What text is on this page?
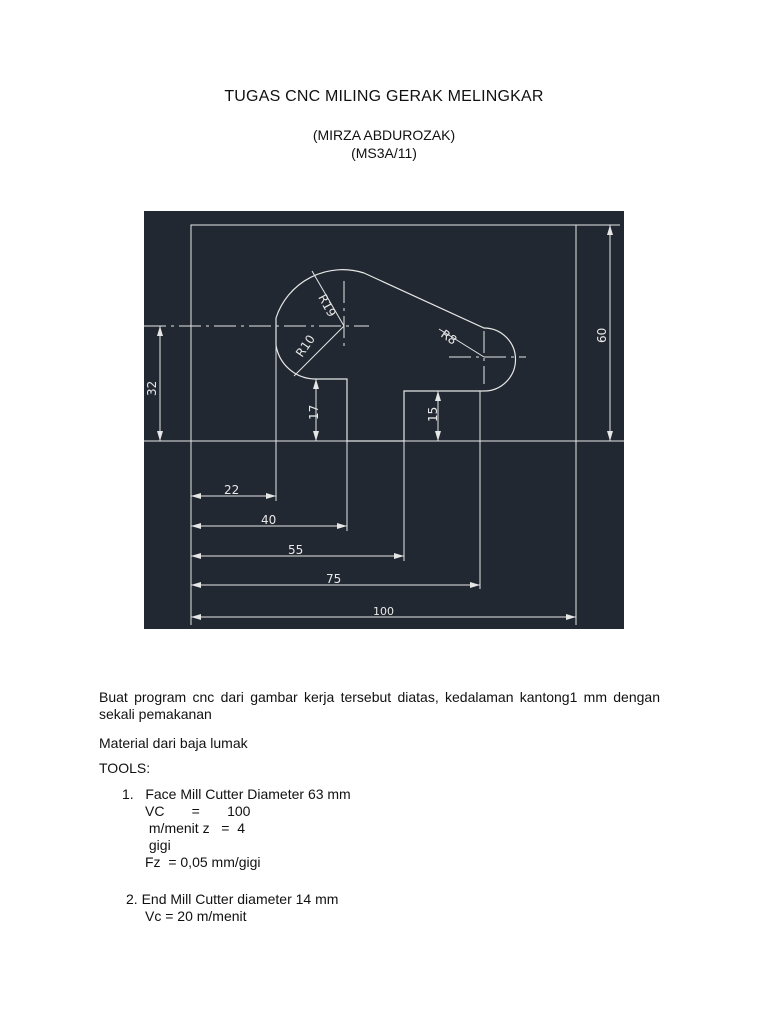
TUGAS CNC MILING GERAK MELINGKAR
(MIRZA ABDUROZAK)
(MS3A/11)
R19
R10	R8	60
32
17	15
22
40
55
75
100
Buat program cnc dari gambar kerja tersebut diatas, kedalaman kantong1 mm dengan sekali pemakanan
Material dari baja lumak
TOOLS:
1.   Face Mill Cutter Diameter 63 mm
VC       =       100
m/menit z   =  4
gigi
Fz  = 0,05 mm/gigi
2. End Mill Cutter diameter 14 mm
Vc = 20 m/menit
